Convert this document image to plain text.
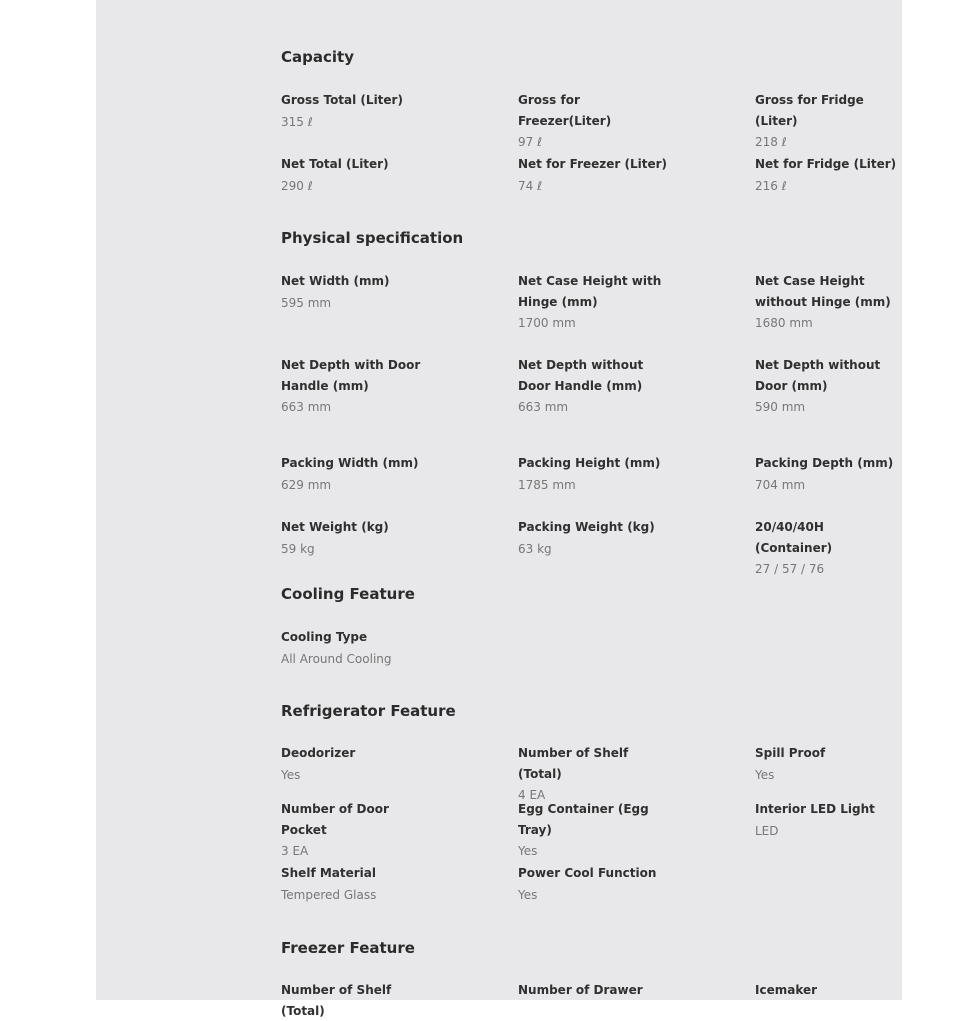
Capacity
Gross Total (Liter)
315 ℓ
Gross for Freezer(Liter)
97 ℓ
Gross for Fridge (Liter)
218 ℓ
Net Total (Liter)
290 ℓ
Net for Freezer (Liter)
74 ℓ
Net for Fridge (Liter)
216 ℓ
Physical specification
Net Width (mm)
595 mm
Net Case Height with Hinge (mm)
1700 mm
Net Case Height without Hinge (mm)
1680 mm
Net Depth with Door Handle (mm)
663 mm
Net Depth without Door Handle (mm)
663 mm
Net Depth without Door (mm)
590 mm
Packing Width (mm)
629 mm
Packing Height (mm)
1785 mm
Packing Depth (mm)
704 mm
Net Weight (kg)
59 kg
Packing Weight (kg)
63 kg
20/40/40H (Container)
27 / 57 / 76
Cooling Feature
Cooling Type
All Around Cooling
Refrigerator Feature
Deodorizer
Yes
Number of Shelf (Total)
4 EA
Spill Proof
Yes
Number of Door Pocket
3 EA
Egg Container (Egg Tray)
Yes
Interior LED Light
LED
Shelf Material
Tempered Glass
Power Cool Function
Yes
Freezer Feature
Number of Shelf (Total)
Number of Drawer	Icemaker
